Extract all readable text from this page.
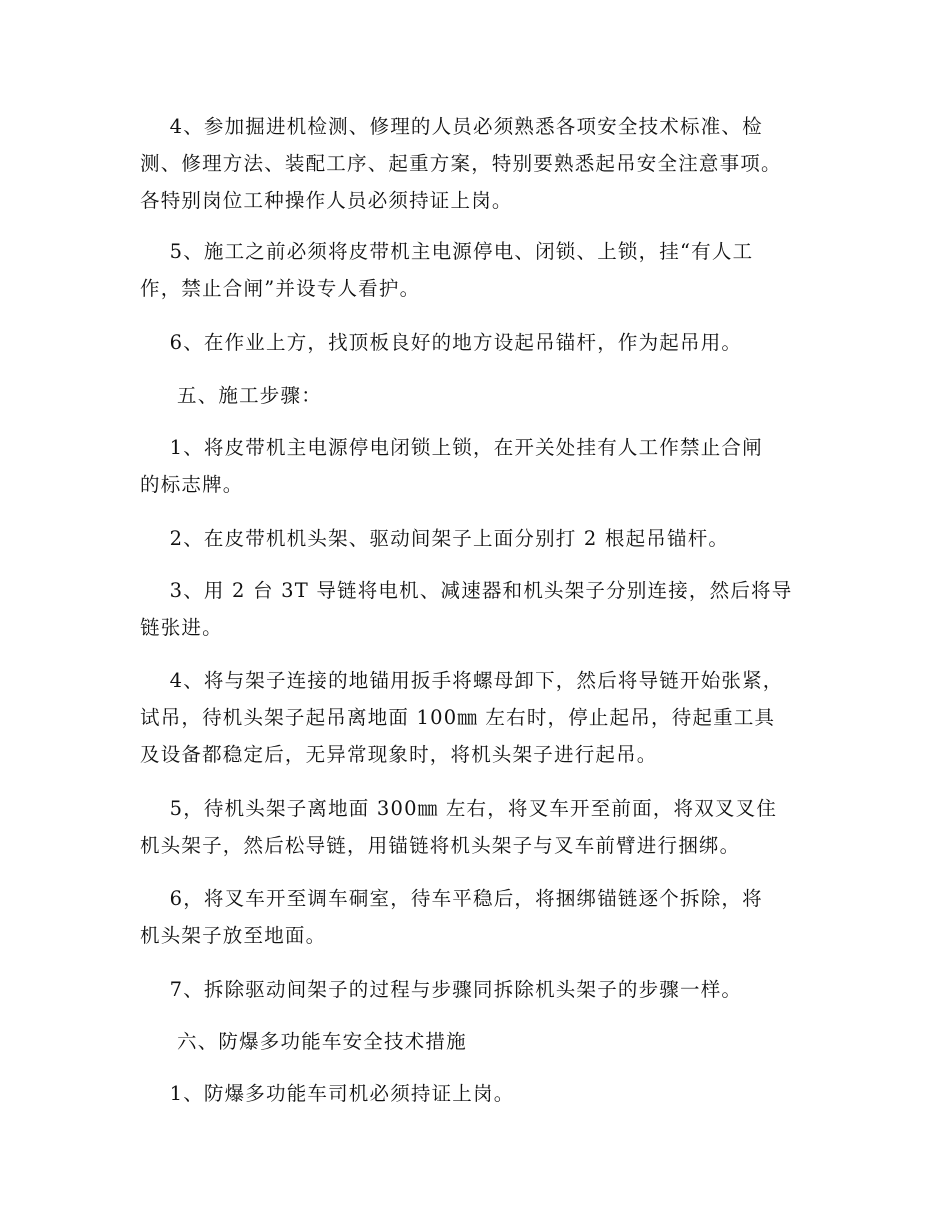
4、参加掘进机检测、修理的人员必须熟悉各项安全技术标准、检
测、修理方法、装配工序、起重方案，特别要熟悉起吊安全注意事项。
各特别岗位工种操作人员必须持证上岗。
5、施工之前必须将皮带机主电源停电、闭锁、上锁，挂“有人工
作，禁止合闸”并设专人看护。
6、在作业上方，找顶板良好的地方设起吊锚杆，作为起吊用。
五、施工步骤：
1、将皮带机主电源停电闭锁上锁，在开关处挂有人工作禁止合闸
的标志牌。
2、在皮带机机头架、驱动间架子上面分别打 2 根起吊锚杆。
3、用 2 台 3T 导链将电机、减速器和机头架子分别连接，然后将导
链张进。
4、将与架子连接的地锚用扳手将螺母卸下，然后将导链开始张紧，
试吊，待机头架子起吊离地面 100㎜ 左右时，停止起吊，待起重工具
及设备都稳定后，无异常现象时，将机头架子进行起吊。
5，待机头架子离地面 300㎜ 左右，将叉车开至前面，将双叉叉住
机头架子，然后松导链，用锚链将机头架子与叉车前臂进行捆绑。
6，将叉车开至调车硐室，待车平稳后，将捆绑锚链逐个拆除，将
机头架子放至地面。
7、拆除驱动间架子的过程与步骤同拆除机头架子的步骤一样。
六、防爆多功能车安全技术措施
1、防爆多功能车司机必须持证上岗。
